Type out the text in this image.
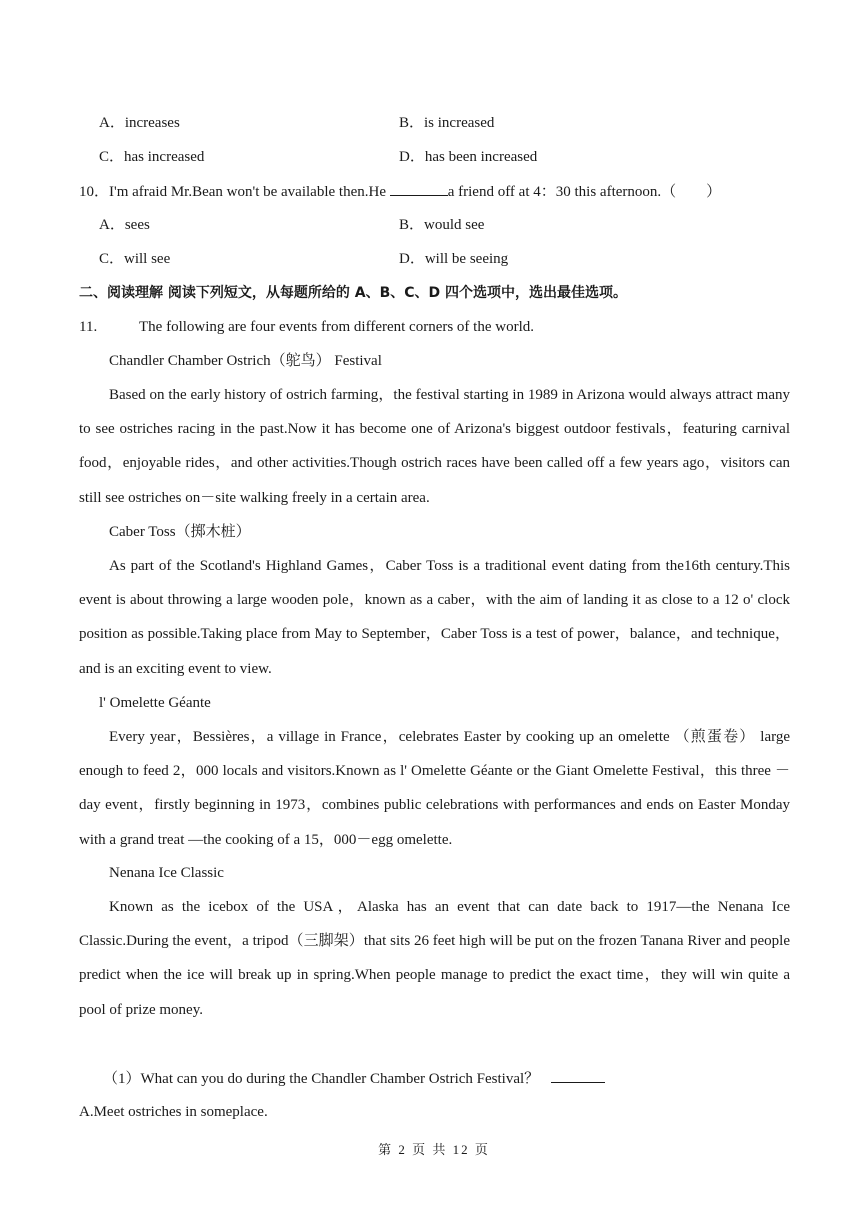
A．increases	B．is increased
C．has increased	D．has been increased
10．I'm afraid Mr.Bean won't be available then.He	a friend off at 4：30 this afternoon.（　　）
A．sees	B．would see
C．will see	D．will be seeing
二、阅读理解 阅读下列短文，从每题所给的 A、B、C、D 四个选项中，选出最佳选项。
11.	The following are four events from different corners of the world.
Chandler Chamber Ostrich（鸵鸟） Festival
Based on the early history of ostrich farming，the festival starting in 1989 in Arizona would always attract many to see ostriches racing in the past.Now it has become one of Arizona's biggest outdoor festivals，featuring carnival food，enjoyable rides，and other activities.Though ostrich races have been called off a few years ago，visitors can still see ostriches on－site walking freely in a certain area.
Caber Toss（掷木桩）
As part of the Scotland's Highland Games，Caber Toss is a traditional event dating from the16th century.This event is about throwing a large wooden pole，known as a caber，with the aim of landing it as close to a 12 o' clock position as possible.Taking place from May to September，Caber Toss is a test of power，balance，and technique，and is an exciting event to view.
l' Omelette Géante
Every year，Bessières，a village in France，celebrates Easter by cooking up an omelette （煎蛋卷） large enough to feed 2，000 locals and visitors.Known as l' Omelette Géante or the Giant Omelette Festival，this three －day event，firstly beginning in 1973，combines public celebrations with performances and ends on Easter Monday with a grand treat —the cooking of a 15，000－egg omelette.
Nenana Ice Classic
Known as the icebox of the USA，Alaska has an event that can date back to 1917—the Nenana Ice Classic.During the event，a tripod（三脚架）that sits 26 feet high will be put on the frozen Tanana River and people predict when the ice will break up in spring.When people manage to predict the exact time，they will win quite a pool of prize money.
（1）What can you do during the Chandler Chamber Ostrich Festival？
A.Meet ostriches in someplace.
第 2 页 共 12 页
